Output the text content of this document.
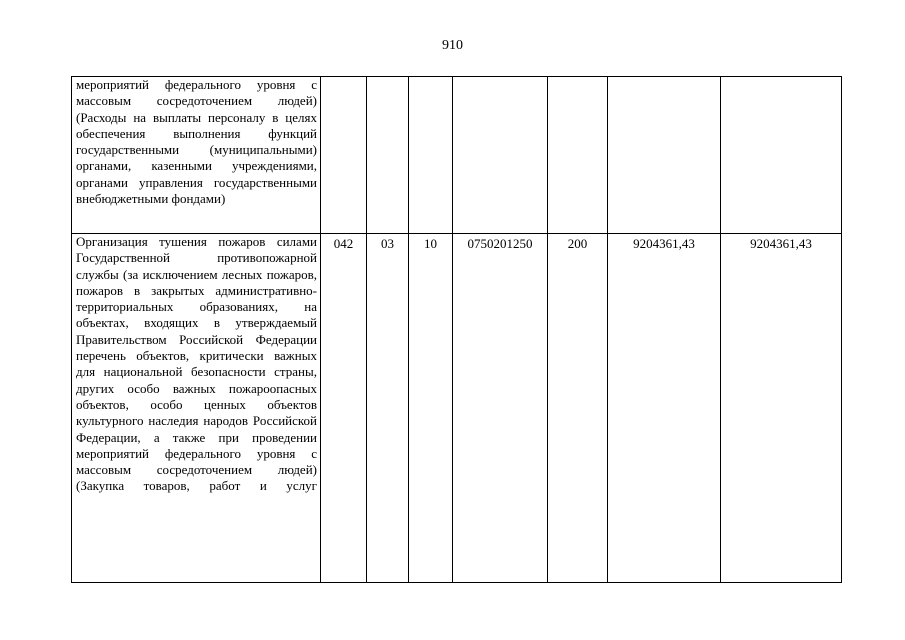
910
мероприятий федерального уровня с массовым сосредоточением людей) (Расходы на выплаты персоналу в целях обеспечения выполнения функций государственными (муниципальными) органами, казенными учреждениями, органами управления государственными внебюджетными фондами)							
Организация тушения пожаров силами Государственной противопожарной службы (за исключением лесных пожаров, пожаров в закрытых административно-территориальных образованиях, на объектах, входящих в утверждаемый Правительством Российской Федерации перечень объектов, критически важных для национальной безопасности страны, других особо важных пожароопасных объектов, особо ценных объектов культурного наследия народов Российской Федерации, а также при проведении мероприятий федерального уровня с массовым сосредоточением людей) (Закупка товаров, работ и услуг	042	03	10	0750201250	200	9204361,43	9204361,43
